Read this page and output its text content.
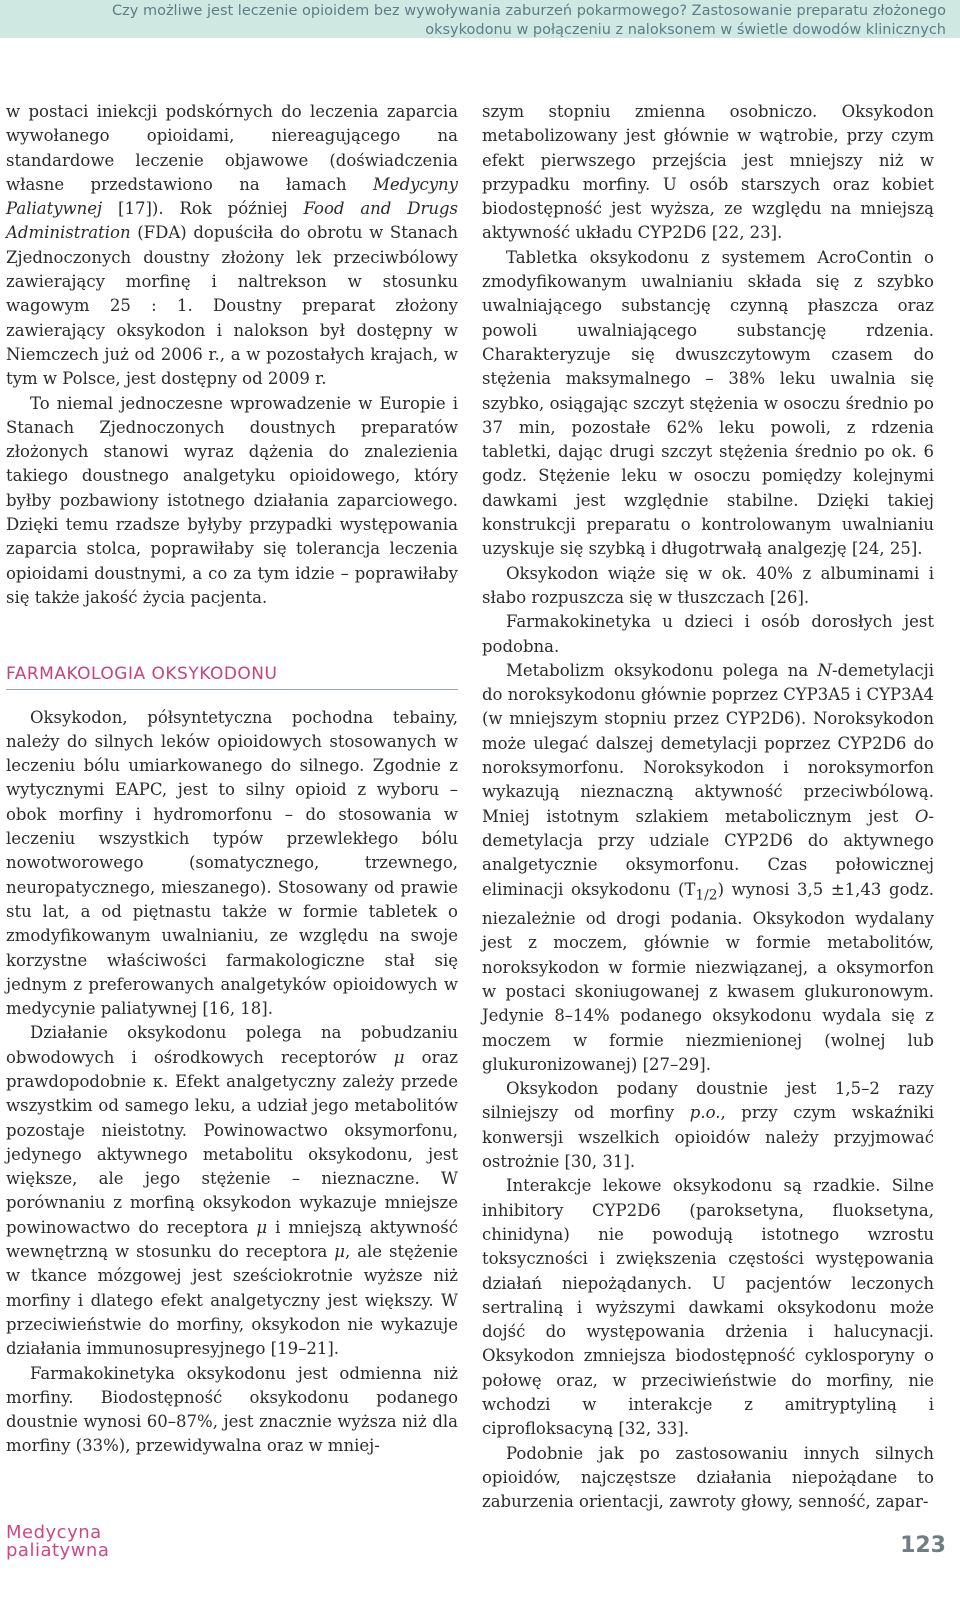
Czy możliwe jest leczenie opioidem bez wywoływania zaburzeń pokarmowego? Zastosowanie preparatu złożonego
oksykodonu w połączeniu z naloksonem w świetle dowodów klinicznych

w postaci iniekcji podskórnych do leczenia zaparcia wywołanego opioidami, niereagującego na standardowe leczenie objawowe (doświadczenia własne przedstawiono na łamach Medycyny Paliatywnej [17]). Rok później Food and Drugs Administration (FDA) dopuściła do obrotu w Stanach Zjednoczonych doustny złożony lek przeciwbólowy zawierający morfinę i naltrekson w stosunku wagowym 25 : 1. Doustny preparat złożony zawierający oksykodon i nalokson był dostępny w Niemczech już od 2006 r., a w pozostałych krajach, w tym w Polsce, jest dostępny od 2009 r.

To niemal jednoczesne wprowadzenie w Europie i Stanach Zjednoczonych doustnych preparatów złożonych stanowi wyraz dążenia do znalezienia takiego doustnego analgetyku opioidowego, który byłby pozbawiony istotnego działania zaparciowego. Dzięki temu rzadsze byłyby przypadki występowania zaparcia stolca, poprawiłaby się tolerancja leczenia opioidami doustnymi, a co za tym idzie – poprawiłaby się także jakość życia pacjenta.

FARMAKOLOGIA OKSYKODONU

Oksykodon, półsyntetyczna pochodna tebainy, należy do silnych leków opioidowych stosowanych w leczeniu bólu umiarkowanego do silnego. Zgodnie z wytycznymi EAPC, jest to silny opioid z wyboru – obok morfiny i hydromorfonu – do stosowania w leczeniu wszystkich typów przewlekłego bólu nowotworowego (somatycznego, trzewnego, neuropatycznego, mieszanego). Stosowany od prawie stu lat, a od piętnastu także w formie tabletek o zmodyfikowanym uwalnianiu, ze względu na swoje korzystne właściwości farmakologiczne stał się jednym z preferowanych analgetyków opioidowych w medycynie paliatywnej [16, 18].

Działanie oksykodonu polega na pobudzaniu obwodowych i ośrodkowych receptorów μ oraz prawdopodobnie κ. Efekt analgetyczny zależy przede wszystkim od samego leku, a udział jego metabolitów pozostaje nieistotny. Powinowactwo oksymorfonu, jedynego aktywnego metabolitu oksykodonu, jest większe, ale jego stężenie – nieznaczne. W porównaniu z morfiną oksykodon wykazuje mniejsze powinowactwo do receptora μ i mniejszą aktywność wewnętrzną w stosunku do receptora μ, ale stężenie w tkance mózgowej jest sześciokrotnie wyższe niż morfiny i dlatego efekt analgetyczny jest większy. W przeciwieństwie do morfiny, oksykodon nie wykazuje działania immunosupresyjnego [19–21].

Farmakokinetyka oksykodonu jest odmienna niż morfiny. Biodostępność oksykodonu podanego doustnie wynosi 60–87%, jest znacznie wyższa niż dla morfiny (33%), przewidywalna oraz w mniej-

szym stopniu zmienna osobniczo. Oksykodon metabolizowany jest głównie w wątrobie, przy czym efekt pierwszego przejścia jest mniejszy niż w przypadku morfiny. U osób starszych oraz kobiet biodostępność jest wyższa, ze względu na mniejszą aktywność układu CYP2D6 [22, 23].

Tabletka oksykodonu z systemem AcroContin o zmodyfikowanym uwalnianiu składa się z szybko uwalniającego substancję czynną płaszcza oraz powoli uwalniającego substancję rdzenia. Charakteryzuje się dwuszczytowym czasem do stężenia maksymalnego – 38% leku uwalnia się szybko, osiągając szczyt stężenia w osoczu średnio po 37 min, pozostałe 62% leku powoli, z rdzenia tabletki, dając drugi szczyt stężenia średnio po ok. 6 godz. Stężenie leku w osoczu pomiędzy kolejnymi dawkami jest względnie stabilne. Dzięki takiej konstrukcji preparatu o kontrolowanym uwalnianiu uzyskuje się szybką i długotrwałą analgezję [24, 25].

Oksykodon wiąże się w ok. 40% z albuminami i słabo rozpuszcza się w tłuszczach [26].

Farmakokinetyka u dzieci i osób dorosłych jest podobna.

Metabolizm oksykodonu polega na N-demetylacji do noroksykodonu głównie poprzez CYP3A5 i CYP3A4 (w mniejszym stopniu przez CYP2D6). Noroksykodon może ulegać dalszej demetylacji poprzez CYP2D6 do noroksymorfonu. Noroksykodon i noroksymorfon wykazują nieznaczną aktywność przeciwbólową. Mniej istotnym szlakiem metabolicznym jest O-demetylacja przy udziale CYP2D6 do aktywnego analgetycznie oksymorfonu. Czas połowicznej eliminacji oksykodonu $(T_{1/2})$ wynosi 3,5 ±1,43 godz. niezależnie od drogi podania. Oksykodon wydalany jest z moczem, głównie w formie metabolitów, noroksykodon w formie niezwiązanej, a oksymorfon w postaci skoniugowanej z kwasem glukuronowym. Jedynie 8–14% podanego oksykodonu wydala się z moczem w formie niezmienionej (wolnej lub glukuronizowanej) [27–29].

Oksykodon podany doustnie jest 1,5–2 razy silniejszy od morfiny p.o., przy czym wskaźniki konwersji wszelkich opioidów należy przyjmować ostrożnie [30, 31].

Interakcje lekowe oksykodonu są rzadkie. Silne inhibitory CYP2D6 (paroksetyna, fluoksetyna, chinidyna) nie powodują istotnego wzrostu toksyczności i zwiększenia częstości występowania działań niepożądanych. U pacjentów leczonych sertraliną i wyższymi dawkami oksykodonu może dojść do występowania drżenia i halucynacji. Oksykodon zmniejsza biodostępność cyklosporyny o połowę oraz, w przeciwieństwie do morfiny, nie wchodzi w interakcje z amitryptyliną i ciprofloksacyną [32, 33].

Podobnie jak po zastosowaniu innych silnych opioidów, najczęstsze działania niepożądane to zaburzenia orientacji, zawroty głowy, senność, zapar-

Medycyna
paliatywna	123
